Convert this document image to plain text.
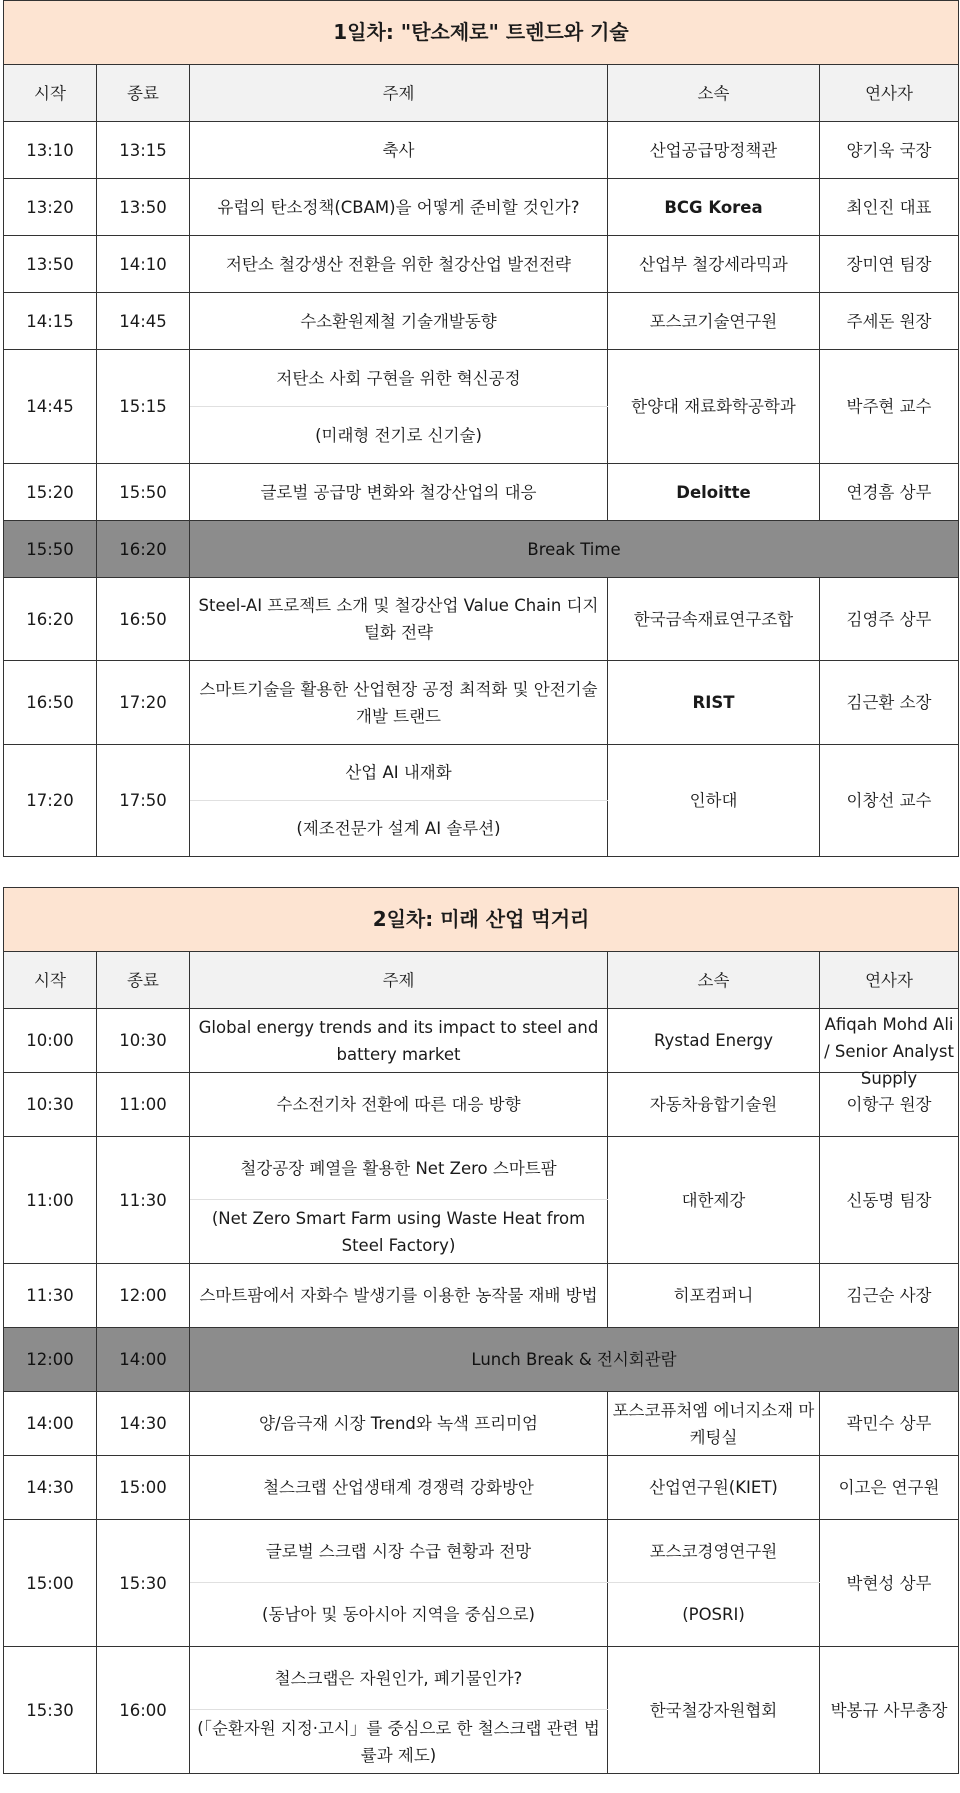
1일차: "탄소제로" 트렌드와 기술				
시작	종료	주제	소속	연사자
13:10	13:15	축사	산업공급망정책관	양기욱 국장
13:20	13:50	유럽의 탄소정책(CBAM)을 어떻게 준비할 것인가?	BCG Korea	최인진 대표
13:50	14:10	저탄소 철강생산 전환을 위한 철강산업 발전전략	산업부 철강세라믹과	장미연 팀장
14:15	14:45	수소환원제철 기술개발동향	포스코기술연구원	주세돈 원장
14:45	15:15	저탄소 사회 구현을 위한 혁신공정	한양대 재료화학공학과	박주현 교수
		(미래형 전기로 신기술)		
15:20	15:50	글로벌 공급망 변화와 철강산업의 대응	Deloitte	연경흠 상무
15:50	16:20	Break Time		
16:20	16:50	Steel-AI 프로젝트 소개 및 철강산업 Value Chain 디지털화 전략	한국금속재료연구조합	김영주 상무
16:50	17:20	스마트기술을 활용한 산업현장 공정 최적화 및 안전기술 개발 트랜드	RIST	김근환 소장
17:20	17:50	산업 AI 내재화	인하대	이창선 교수
		(제조전문가 설계 AI 솔루션)		
2일차: 미래 산업 먹거리				
시작	종료	주제	소속	연사자
10:00	10:30	Global energy trends and its impact to steel and battery market	Rystad Energy	Afiqah Mohd Ali / Senior Analyst Supply

10:30	11:00	수소전기차 전환에 따른 대응 방향	자동차융합기술원	이항구 원장
11:00	11:30	철강공장 폐열을 활용한 Net Zero 스마트팜	대한제강	신동명 팀장
		(Net Zero Smart Farm using Waste Heat from Steel Factory)		
11:30	12:00	스마트팜에서 자화수 발생기를 이용한 농작물 재배 방법	히포컴퍼니	김근순 사장
12:00	14:00	Lunch Break & 전시회관람		
14:00	14:30	양/음극재 시장 Trend와 녹색 프리미엄	포스코퓨처엠 에너지소재 마케팅실	곽민수 상무
14:30	15:00	철스크랩 산업생태계 경쟁력 강화방안	산업연구원(KIET)	이고은 연구원
15:00	15:30	글로벌 스크랩 시장 수급 현황과 전망	포스코경영연구원	박현성 상무
		(동남아 및 동아시아 지역을 중심으로)	(POSRI)	
15:30	16:00	철스크랩은 자원인가, 폐기물인가?	한국철강자원협회	박봉규 사무총장
		(「순환자원 지정·고시」를 중심으로 한 철스크랩 관련 법률과 제도)		
